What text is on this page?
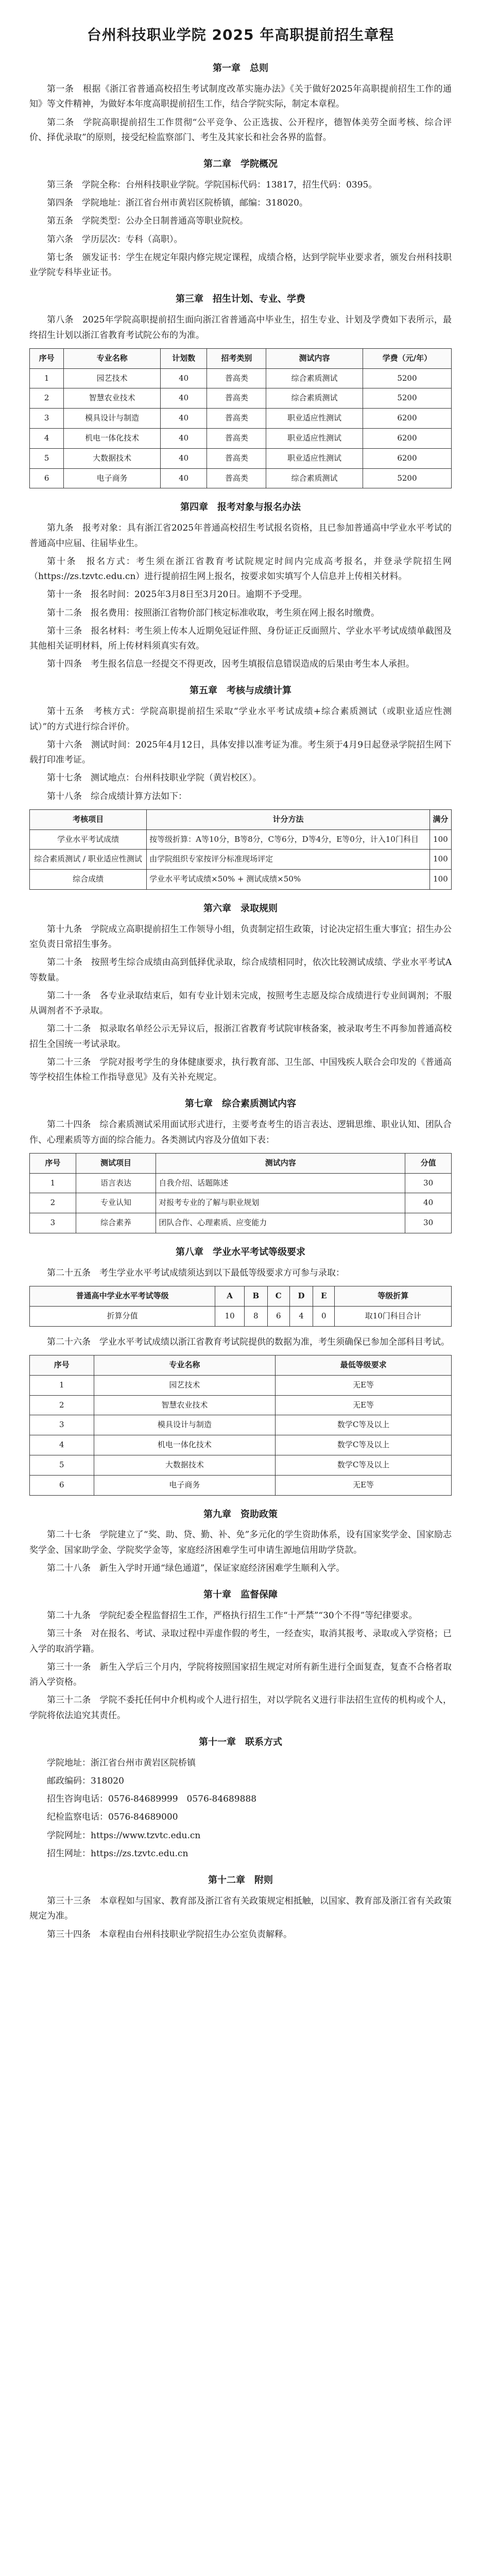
台州科技职业学院 2025 年高职提前招生章程
第一章　总则

第一条　根据《浙江省普通高校招生考试制度改革实施办法》《关于做好2025年高职提前招生工作的通知》等文件精神，为做好本年度高职提前招生工作，结合学院实际，制定本章程。

第二条　学院高职提前招生工作贯彻“公平竞争、公正选拔、公开程序，德智体美劳全面考核、综合评价、择优录取”的原则，接受纪检监察部门、考生及其家长和社会各界的监督。

第二章　学院概况

第三条　学院全称：台州科技职业学院。学院国标代码：13817，招生代码：0395。

第四条　学院地址：浙江省台州市黄岩区院桥镇，邮编：318020。

第五条　学院类型：公办全日制普通高等职业院校。

第六条　学历层次：专科（高职）。

第七条　颁发证书：学生在规定年限内修完规定课程，成绩合格，达到学院毕业要求者，颁发台州科技职业学院专科毕业证书。

第三章　招生计划、专业、学费

第八条　2025年学院高职提前招生面向浙江省普通高中毕业生，招生专业、计划及学费如下表所示，最终招生计划以浙江省教育考试院公布的为准。

序号	专业名称	计划数	招考类别	测试内容	学费（元/年）
1	园艺技术	40	普高类	综合素质测试	5200
2	智慧农业技术	40	普高类	综合素质测试	5200
3	模具设计与制造	40	普高类	职业适应性测试	6200
4	机电一体化技术	40	普高类	职业适应性测试	6200
5	大数据技术	40	普高类	职业适应性测试	6200
6	电子商务	40	普高类	综合素质测试	5200
第四章　报考对象与报名办法

第九条　报考对象：具有浙江省2025年普通高校招生考试报名资格，且已参加普通高中学业水平考试的普通高中应届、往届毕业生。

第十条　报名方式：考生须在浙江省教育考试院规定时间内完成高考报名，并登录学院招生网（https://zs.tzvtc.edu.cn）进行提前招生网上报名，按要求如实填写个人信息并上传相关材料。

第十一条　报名时间：2025年3月8日至3月20日。逾期不予受理。

第十二条　报名费用：按照浙江省物价部门核定标准收取，考生须在网上报名时缴费。

第十三条　报名材料：考生须上传本人近期免冠证件照、身份证正反面照片、学业水平考试成绩单截图及其他相关证明材料，所上传材料须真实有效。

第十四条　考生报名信息一经提交不得更改，因考生填报信息错误造成的后果由考生本人承担。

第五章　考核与成绩计算

第十五条　考核方式：学院高职提前招生采取“学业水平考试成绩+综合素质测试（或职业适应性测试）”的方式进行综合评价。

第十六条　测试时间：2025年4月12日，具体安排以准考证为准。考生须于4月9日起登录学院招生网下载打印准考证。

第十七条　测试地点：台州科技职业学院（黄岩校区）。

第十八条　综合成绩计算方法如下：

考核项目	计分方法	满分
学业水平考试成绩	按等级折算：A等10分，B等8分，C等6分，D等4分，E等0分，计入10门科目	100
综合素质测试 / 职业适应性测试	由学院组织专家按评分标准现场评定	100
综合成绩	学业水平考试成绩×50% + 测试成绩×50%	100
第六章　录取规则

第十九条　学院成立高职提前招生工作领导小组，负责制定招生政策，讨论决定招生重大事宜；招生办公室负责日常招生事务。

第二十条　按照考生综合成绩由高到低择优录取，综合成绩相同时，依次比较测试成绩、学业水平考试A等数量。

第二十一条　各专业录取结束后，如有专业计划未完成，按照考生志愿及综合成绩进行专业间调剂；不服从调剂者不予录取。

第二十二条　拟录取名单经公示无异议后，报浙江省教育考试院审核备案，被录取考生不再参加普通高校招生全国统一考试录取。

第二十三条　学院对报考学生的身体健康要求，执行教育部、卫生部、中国残疾人联合会印发的《普通高等学校招生体检工作指导意见》及有关补充规定。

第七章　综合素质测试内容

第二十四条　综合素质测试采用面试形式进行，主要考查考生的语言表达、逻辑思维、职业认知、团队合作、心理素质等方面的综合能力。各类测试内容及分值如下表：

序号	测试项目	测试内容	分值
1	语言表达	自我介绍、话题陈述	30
2	专业认知	对报考专业的了解与职业规划	40
3	综合素养	团队合作、心理素质、应变能力	30
第八章　学业水平考试等级要求

第二十五条　考生学业水平考试成绩须达到以下最低等级要求方可参与录取：

普通高中学业水平考试等级	A	B	C	D	E	等级折算
折算分值	10	8	6	4	0	取10门科目合计

第二十六条　学业水平考试成绩以浙江省教育考试院提供的数据为准，考生须确保已参加全部科目考试。

序号	专业名称	最低等级要求
1	园艺技术	无E等
2	智慧农业技术	无E等
3	模具设计与制造	数学C等及以上
4	机电一体化技术	数学C等及以上
5	大数据技术	数学C等及以上
6	电子商务	无E等
第九章　资助政策

第二十七条　学院建立了“奖、助、贷、勤、补、免”多元化的学生资助体系，设有国家奖学金、国家励志奖学金、国家助学金、学院奖学金等，家庭经济困难学生可申请生源地信用助学贷款。

第二十八条　新生入学时开通“绿色通道”，保证家庭经济困难学生顺利入学。

第十章　监督保障

第二十九条　学院纪委全程监督招生工作，严格执行招生工作“十严禁”“30个不得”等纪律要求。

第三十条　对在报名、考试、录取过程中弄虚作假的考生，一经查实，取消其报考、录取或入学资格；已入学的取消学籍。

第三十一条　新生入学后三个月内，学院将按照国家招生规定对所有新生进行全面复查，复查不合格者取消入学资格。

第三十二条　学院不委托任何中介机构或个人进行招生，对以学院名义进行非法招生宣传的机构或个人，学院将依法追究其责任。

第十一章　联系方式

学院地址：浙江省台州市黄岩区院桥镇

邮政编码：318020

招生咨询电话：0576-84689999　0576-84689888

纪检监察电话：0576-84689000

学院网址：https://www.tzvtc.edu.cn

招生网址：https://zs.tzvtc.edu.cn

第十二章　附则

第三十三条　本章程如与国家、教育部及浙江省有关政策规定相抵触，以国家、教育部及浙江省有关政策规定为准。

第三十四条　本章程由台州科技职业学院招生办公室负责解释。
